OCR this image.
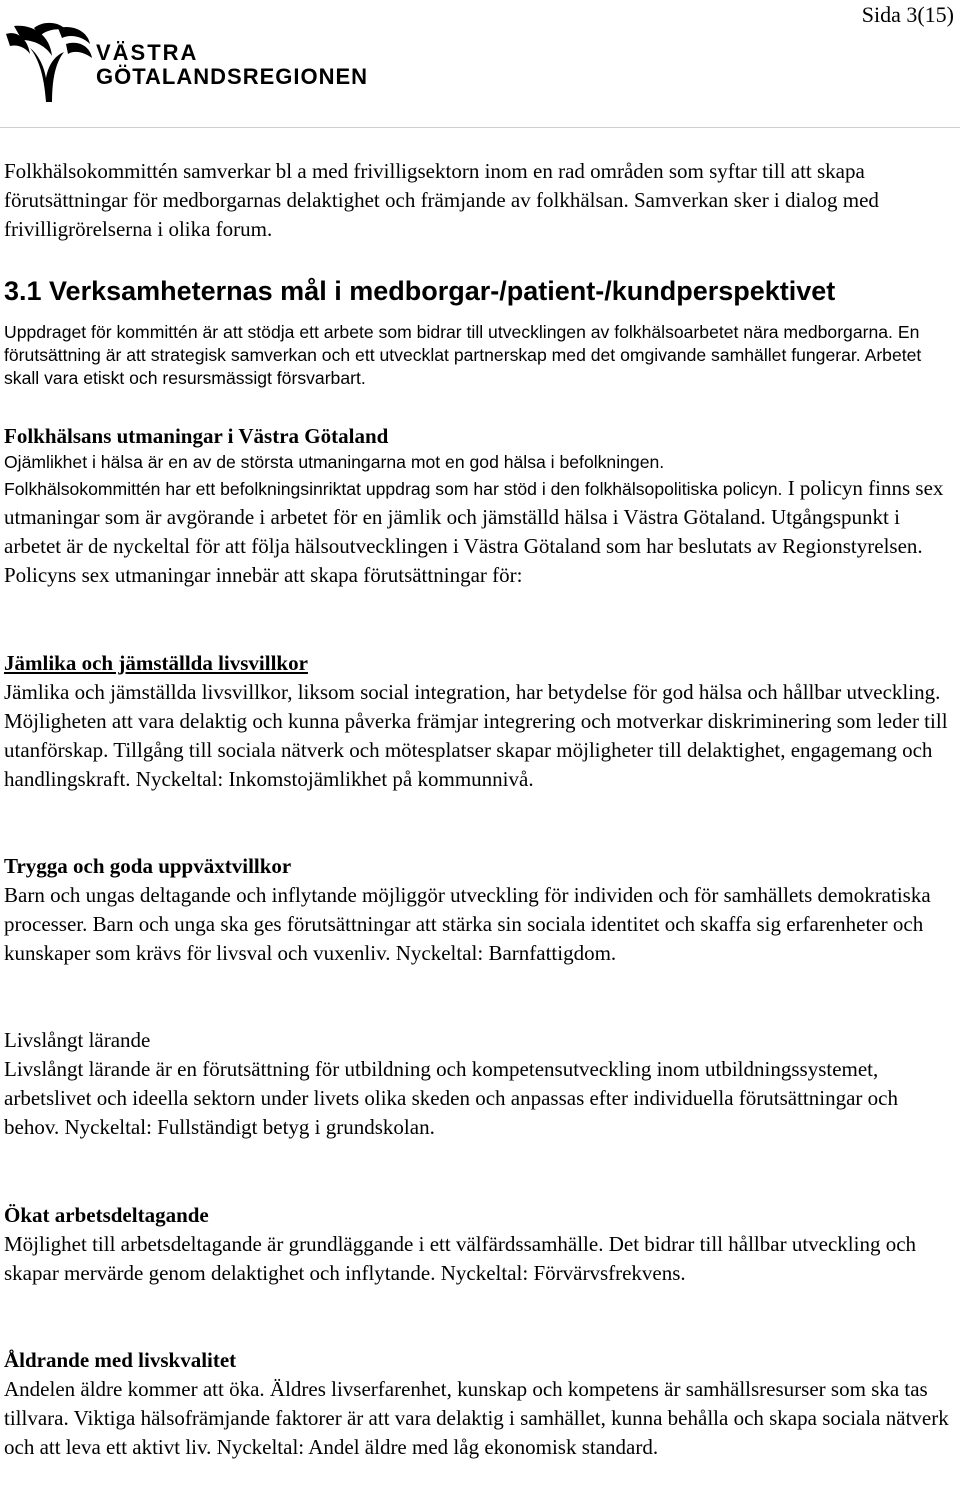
VÄSTRA
GÖTALANDSREGIONEN
Sida 3(15)

Folkhälsokommittén samverkar bl a med frivilligsektorn inom en rad områden som syftar till att skapa förutsättningar för medborgarnas delaktighet och främjande av folkhälsan. Samverkan sker i dialog med frivilligrörelserna i olika forum.

3.1 Verksamheternas mål i medborgar-/patient-/kundperspektivet

Uppdraget för kommittén är att stödja ett arbete som bidrar till utvecklingen av folkhälsoarbetet nära medborgarna. En förutsättning är att strategisk samverkan och ett utvecklat partnerskap med det omgivande samhället fungerar. Arbetet skall vara etiskt och resursmässigt försvarbart.

Folkhälsans utmaningar i Västra Götaland
Ojämlikhet i hälsa är en av de största utmaningarna mot en god hälsa i befolkningen.
Folkhälsokommittén har ett befolkningsinriktat uppdrag som har stöd i den folkhälsopolitiska policyn. I policyn finns sex utmaningar som är avgörande i arbetet för en jämlik och jämställd hälsa i Västra Götaland. Utgångspunkt i arbetet är de nyckeltal för att följa hälsoutvecklingen i Västra Götaland som har beslutats av Regionstyrelsen. Policyns sex utmaningar innebär att skapa förutsättningar för:
Jämlika och jämställda livsvillkor
Jämlika och jämställda livsvillkor, liksom social integration, har betydelse för god hälsa och hållbar utveckling. Möjligheten att vara delaktig och kunna påverka främjar integrering och motverkar diskriminering som leder till utanförskap. Tillgång till sociala nätverk och mötesplatser skapar möjligheter till delaktighet, engagemang och handlingskraft. Nyckeltal: Inkomstojämlikhet på kommunnivå.
Trygga och goda uppväxtvillkor
Barn och ungas deltagande och inflytande möjliggör utveckling för individen och för samhällets demokratiska processer. Barn och unga ska ges förutsättningar att stärka sin sociala identitet och skaffa sig erfarenheter och kunskaper som krävs för livsval och vuxenliv. Nyckeltal: Barnfattigdom.
Livslångt lärande
Livslångt lärande är en förutsättning för utbildning och kompetensutveckling inom utbildningssystemet, arbetslivet och ideella sektorn under livets olika skeden och anpassas efter individuella förutsättningar och behov. Nyckeltal: Fullständigt betyg i grundskolan.
Ökat arbetsdeltagande
Möjlighet till arbetsdeltagande är grundläggande i ett välfärdssamhälle. Det bidrar till hållbar utveckling och skapar mervärde genom delaktighet och inflytande. Nyckeltal: Förvärvsfrekvens.
Åldrande med livskvalitet
Andelen äldre kommer att öka. Äldres livserfarenhet, kunskap och kompetens är samhällsresurser som ska tas tillvara. Viktiga hälsofrämjande faktorer är att vara delaktig i samhället, kunna behålla och skapa sociala nätverk och att leva ett aktivt liv. Nyckeltal: Andel äldre med låg ekonomisk standard.
